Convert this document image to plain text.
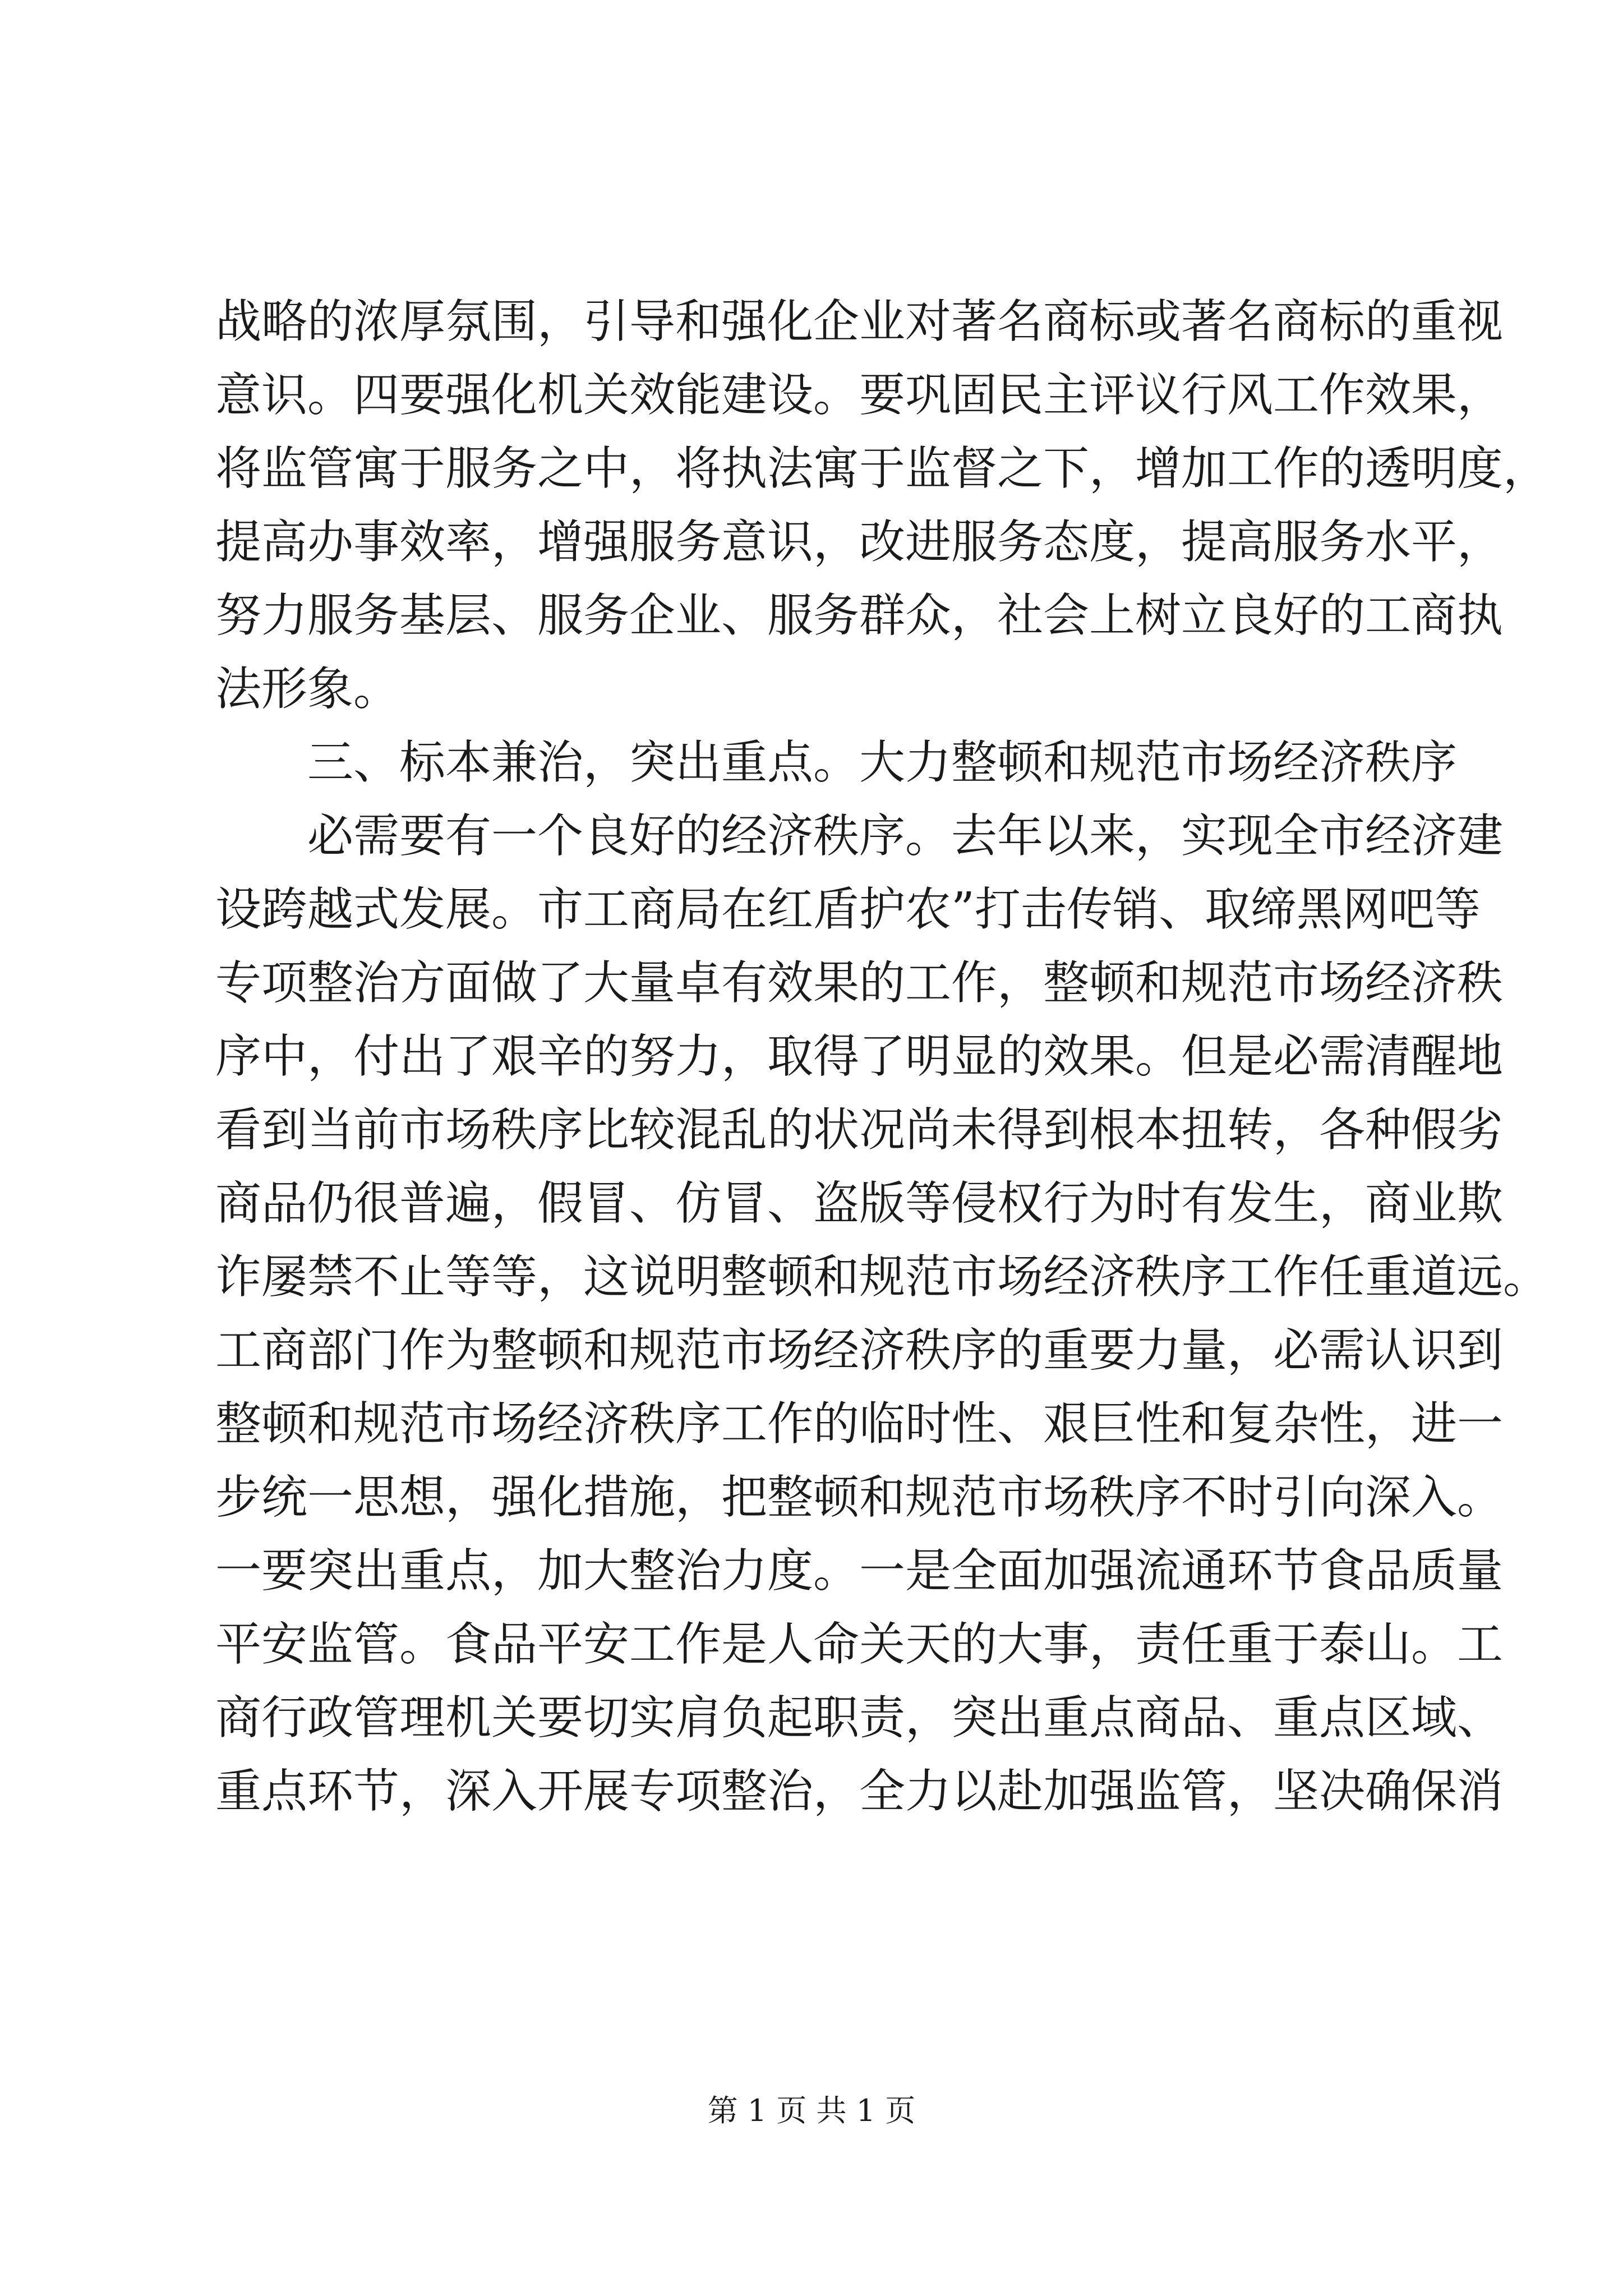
战略的浓厚氛围，引导和强化企业对著名商标或著名商标的重视
意识。四要强化机关效能建设。要巩固民主评议行风工作效果，
将监管寓于服务之中，将执法寓于监督之下，增加工作的透明度，
提高办事效率，增强服务意识，改进服务态度，提高服务水平，
努力服务基层、服务企业、服务群众，社会上树立良好的工商执
法形象。
三、标本兼治，突出重点。大力整顿和规范市场经济秩序
必需要有一个良好的经济秩序。去年以来，实现全市经济建
设跨越式发展。市工商局在红盾护农”打击传销、取缔黑网吧等
专项整治方面做了大量卓有效果的工作，整顿和规范市场经济秩
序中，付出了艰辛的努力，取得了明显的效果。但是必需清醒地
看到当前市场秩序比较混乱的状况尚未得到根本扭转，各种假劣
商品仍很普遍，假冒、仿冒、盗版等侵权行为时有发生，商业欺
诈屡禁不止等等，这说明整顿和规范市场经济秩序工作任重道远。
工商部门作为整顿和规范市场经济秩序的重要力量，必需认识到
整顿和规范市场经济秩序工作的临时性、艰巨性和复杂性，进一
步统一思想，强化措施，把整顿和规范市场秩序不时引向深入。
一要突出重点，加大整治力度。一是全面加强流通环节食品质量
平安监管。食品平安工作是人命关天的大事，责任重于泰山。工
商行政管理机关要切实肩负起职责，突出重点商品、重点区域、
重点环节，深入开展专项整治，全力以赴加强监管，坚决确保消
第 1 页 共 1 页
